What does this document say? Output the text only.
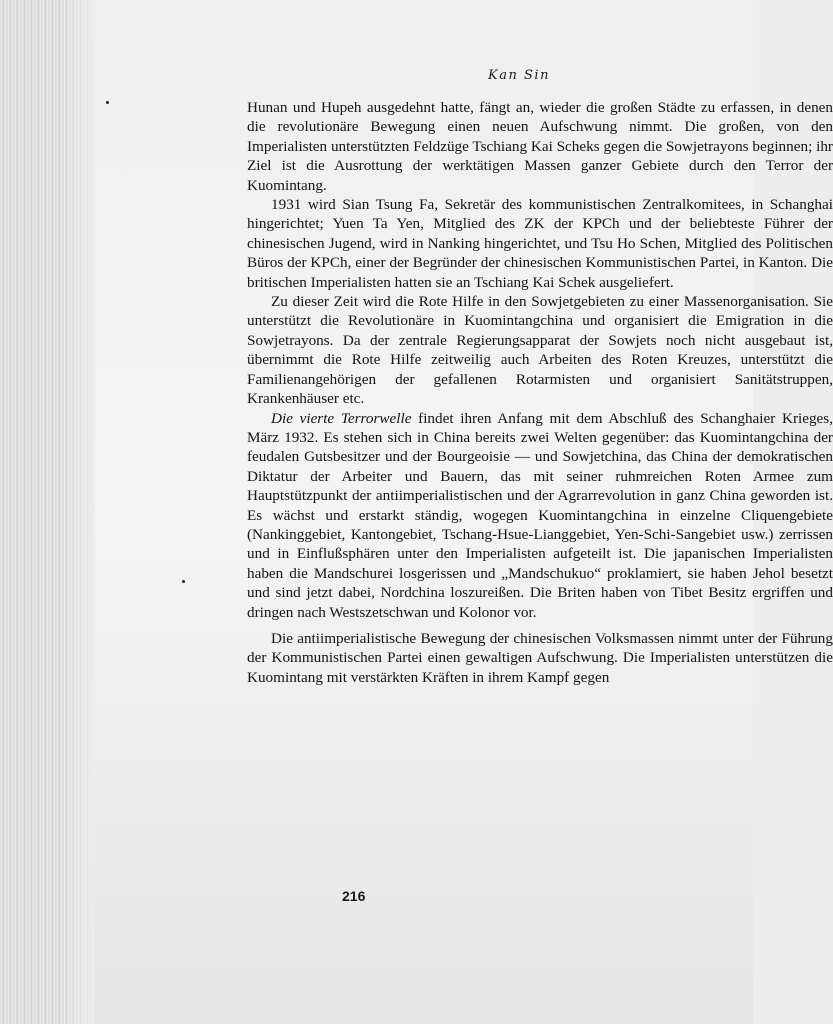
Kan Sin

Hunan und Hupeh ausgedehnt hatte, fängt an, wieder die großen Städte zu erfassen, in denen die revolutionäre Bewegung einen neuen Aufschwung nimmt. Die großen, von den Imperialisten unterstützten Feldzüge Tschiang Kai Scheks gegen die Sowjetrayons beginnen; ihr Ziel ist die Ausrottung der werktätigen Massen ganzer Gebiete durch den Terror der Kuomintang.

1931 wird Sian Tsung Fa, Sekretär des kommunistischen Zentralkomitees, in Schanghai hingerichtet; Yuen Ta Yen, Mitglied des ZK der KPCh und der beliebteste Führer der chinesischen Jugend, wird in Nanking hingerichtet, und Tsu Ho Schen, Mitglied des Politischen Büros der KPCh, einer der Begründer der chinesischen Kommunistischen Partei, in Kanton. Die britischen Imperialisten hatten sie an Tschiang Kai Schek ausgeliefert.

Zu dieser Zeit wird die Rote Hilfe in den Sowjetgebieten zu einer Massenorganisation. Sie unterstützt die Revolutionäre in Kuomintangchina und organisiert die Emigration in die Sowjetrayons. Da der zentrale Regierungsapparat der Sowjets noch nicht ausgebaut ist, übernimmt die Rote Hilfe zeitweilig auch Arbeiten des Roten Kreuzes, unterstützt die Familienangehörigen der gefallenen Rotarmisten und organisiert Sanitätstruppen, Krankenhäuser etc.

Die vierte Terrorwelle findet ihren Anfang mit dem Abschluß des Schanghaier Krieges, März 1932. Es stehen sich in China bereits zwei Welten gegenüber: das Kuomintangchina der feudalen Gutsbesitzer und der Bourgeoisie — und Sowjetchina, das China der demokratischen Diktatur der Arbeiter und Bauern, das mit seiner ruhmreichen Roten Armee zum Hauptstützpunkt der antiimperialistischen und der Agrarrevolution in ganz China geworden ist. Es wächst und erstarkt ständig, wogegen Kuomintangchina in einzelne Cliquengebiete (Nankinggebiet, Kantongebiet, Tschang-Hsue-Lianggebiet, Yen-Schi-Sangebiet usw.) zerrissen und in Einflußsphären unter den Imperialisten aufgeteilt ist. Die japanischen Imperialisten haben die Mandschurei losgerissen und „Mandschukuo“ proklamiert, sie haben Jehol besetzt und sind jetzt dabei, Nordchina loszureißen. Die Briten haben von Tibet Besitz ergriffen und dringen nach Westszetschwan und Kolonor vor.

Die antiimperialistische Bewegung der chinesischen Volksmassen nimmt unter der Führung der Kommunistischen Partei einen gewaltigen Aufschwung. Die Imperialisten unterstützen die Kuomintang mit verstärkten Kräften in ihrem Kampf gegen

216
